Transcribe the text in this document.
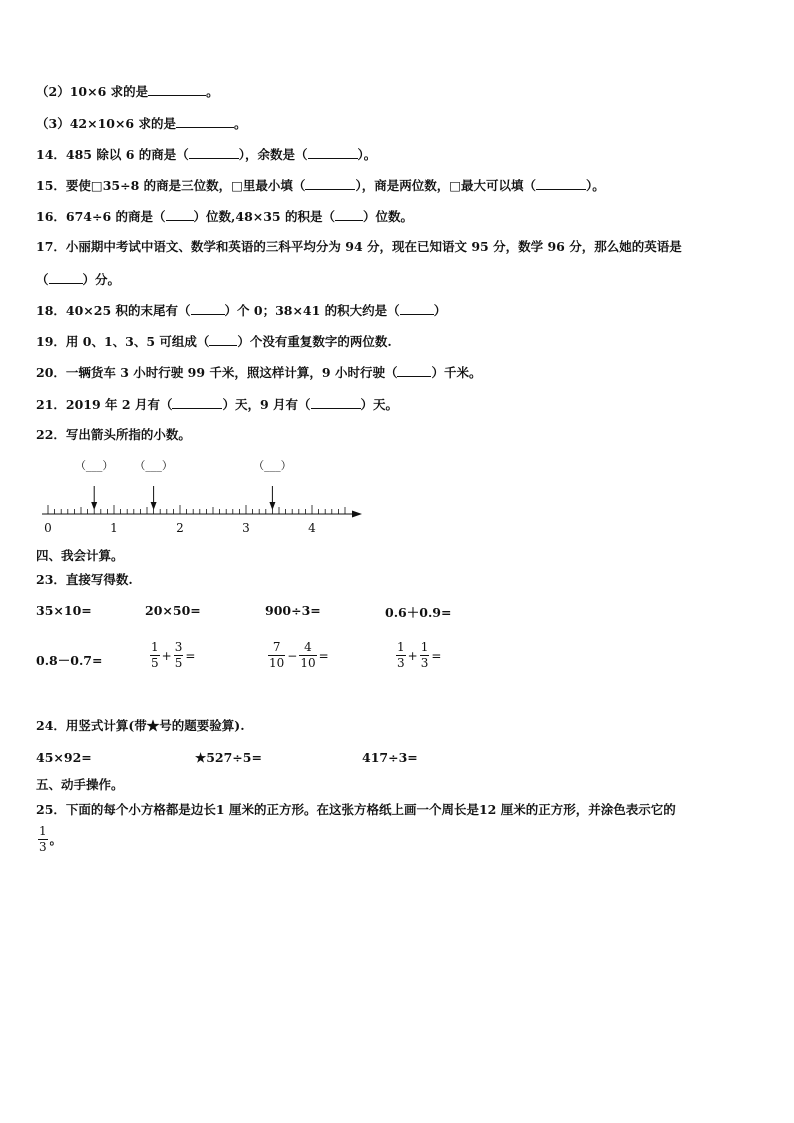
（2）10×6 求的是	。
（3）42×10×6 求的是	。
14．485 除以 6 的商是（	），余数是（	）。
15．要使□35÷8 的商是三位数，□里最小填（	），商是两位数，□最大可以填（	）。
16．674÷6 的商是（ ）位数,48×35 的积是（ ）位数。
17．小丽期中考试中语文、数学和英语的三科平均分为 94 分，现在已知语文 95 分，数学 96 分，那么她的英语是
（	）分。
18．40×25 积的末尾有（	）个 0；38×41 的积大约是（	）
19．用 0、1、3、5 可组成（ ）个没有重复数字的两位数.
20．一辆货车 3 小时行驶 99 千米，照这样计算，9 小时行驶（	）千米。
21．2019 年 2 月有（	）天，9 月有（	）天。
22．写出箭头所指的小数。
（___） （___）	（___）
0	1	2	3	4
四、我会计算。
23．直接写得数.
35×10=	20×50=	900÷3=	0.6＋0.9=
0.8－0.7=	$\frac{1}{5} + \frac{3}{5}$ =	$\frac{7}{10} - \frac{4}{10}$ =	$\frac{1}{3} + \frac{1}{3}$ =
24．用竖式计算(带★号的题要验算).
45×92=	★527÷5=	417÷3=
五、动手操作。
25．下面的每个小方格都是边长1 厘米的正方形。在这张方格纸上画一个周长是12 厘米的正方形，并涂色表示它的
$\frac{1}{3}$ 。
